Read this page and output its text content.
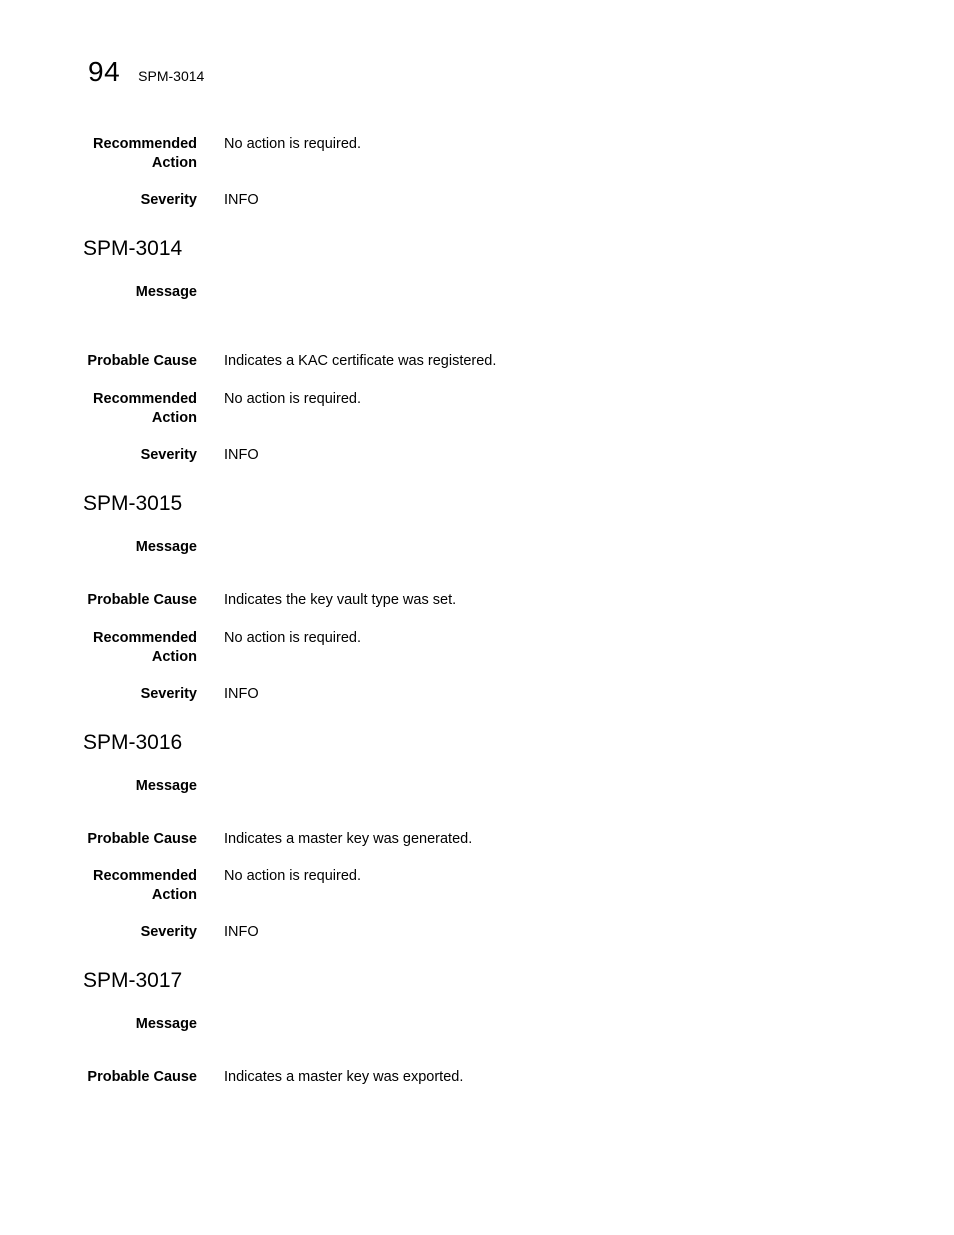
94 SPM-3014
Recommended
Action
No action is required.
Severity INFO
SPM-3014
Message
Probable Cause Indicates a KAC certificate was registered.
Recommended
Action
No action is required.
Severity INFO
SPM-3015
Message
Probable Cause Indicates the key vault type was set.
Recommended
Action
No action is required.
Severity INFO
SPM-3016
Message
Probable Cause Indicates a master key was generated.
Recommended
Action
No action is required.
Severity INFO
SPM-3017
Message
Probable Cause Indicates a master key was exported.
